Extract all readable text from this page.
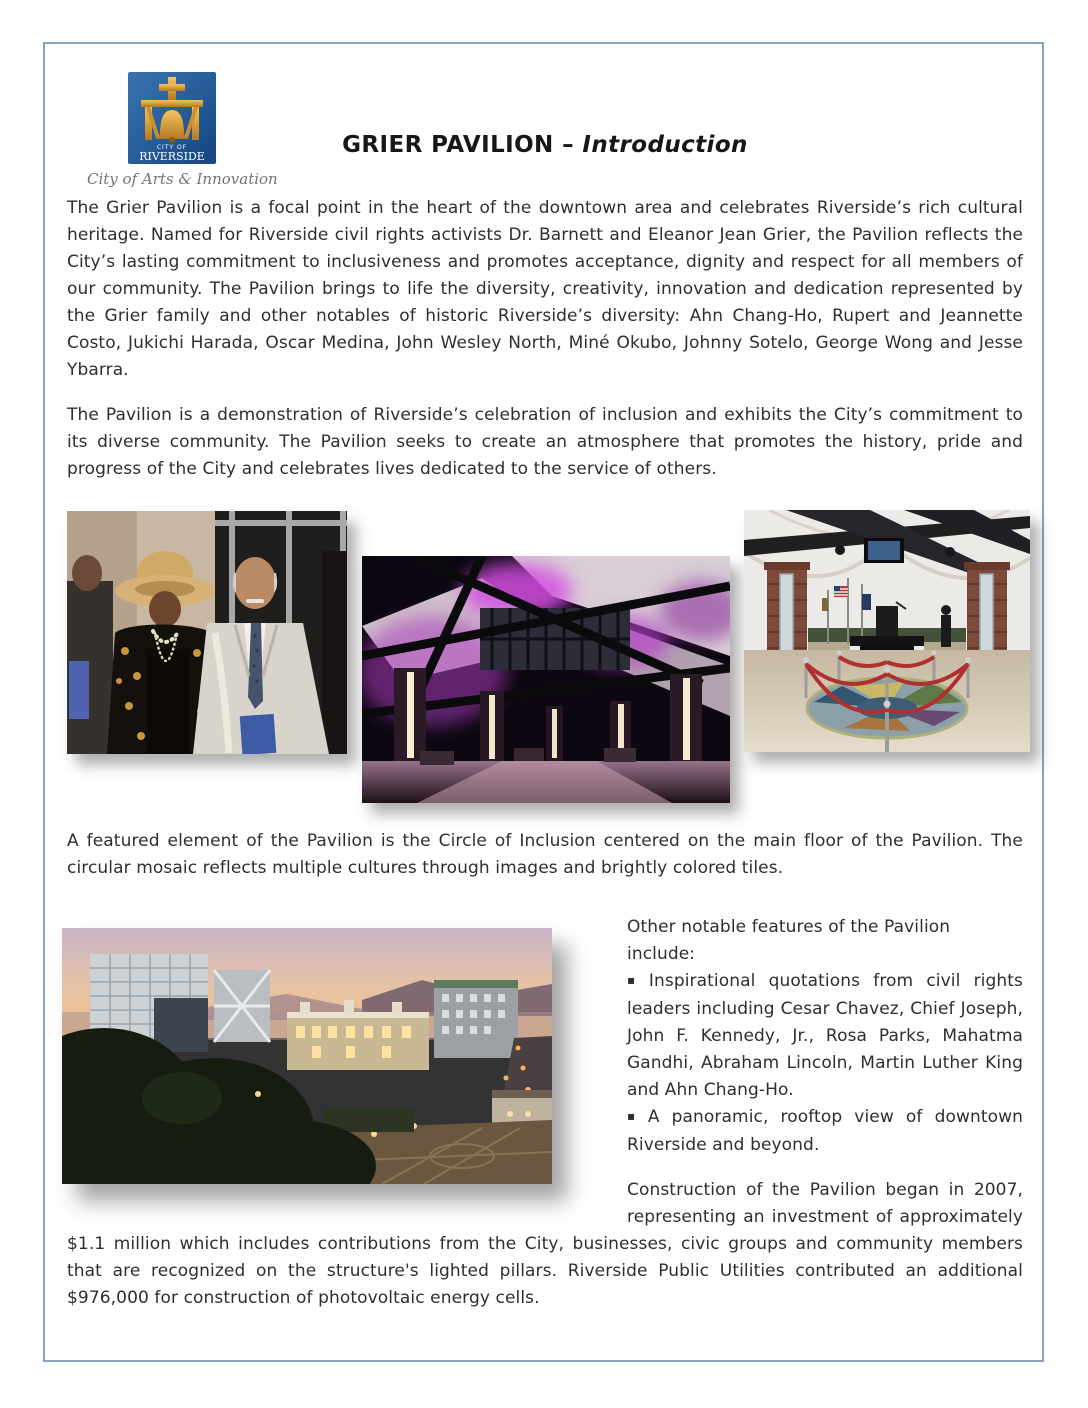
CITY OF
RIVERSIDE
City of Arts & Innovation
GRIER PAVILION – Introduction

The Grier Pavilion is a focal point in the heart of the downtown area and celebrates Riverside’s rich cultural heritage. Named for Riverside civil rights activists Dr. Barnett and Eleanor Jean Grier, the Pavilion reflects the City’s lasting commitment to inclusiveness and promotes acceptance, dignity and respect for all members of our community. The Pavilion brings to life the diversity, creativity, innovation and dedication represented by the Grier family and other notables of historic Riverside’s diversity: Ahn Chang-Ho, Rupert and Jeannette Costo, Jukichi Harada, Oscar Medina, John Wesley North, Miné Okubo, Johnny Sotelo, George Wong and Jesse Ybarra.

The Pavilion is a demonstration of Riverside’s celebration of inclusion and exhibits the City’s commitment to its diverse community. The Pavilion seeks to create an atmosphere that promotes the history, pride and progress of the City and celebrates lives dedicated to the service of others.

A featured element of the Pavilion is the Circle of Inclusion centered on the main floor of the Pavilion. The circular mosaic reflects multiple cultures through images and brightly colored tiles.

Other notable features of the Pavilion include:

▪ Inspirational quotations from civil rights leaders including Cesar Chavez, Chief Joseph, John F. Kennedy, Jr., Rosa Parks, Mahatma Gandhi, Abraham Lincoln, Martin Luther King and Ahn Chang-Ho.

▪ A panoramic, rooftop view of downtown Riverside and beyond.

Construction of the Pavilion began in 2007, representing an investment of approximately $1.1 million which includes contributions from the City, businesses, civic groups and community members that are recognized on the structure's lighted pillars. Riverside Public Utilities contributed an additional $976,000 for construction of photovoltaic energy cells.
